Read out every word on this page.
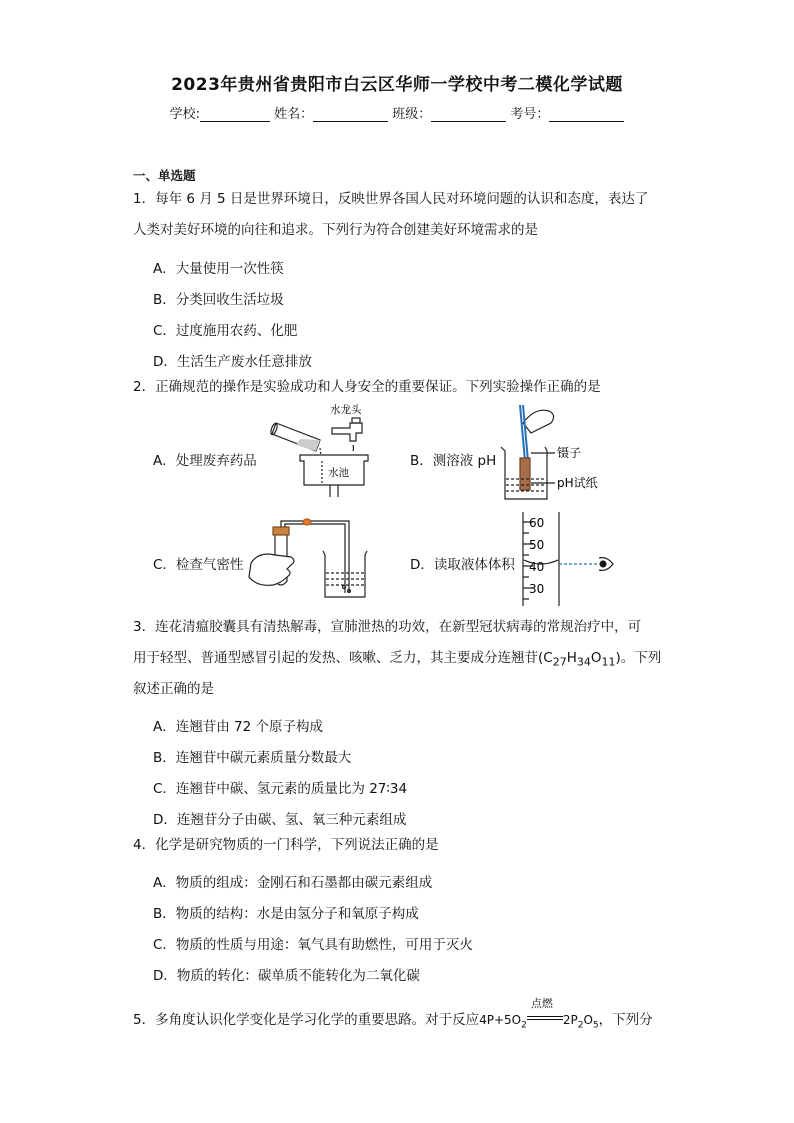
2023年贵州省贵阳市白云区华师一学校中考二模化学试题
学校:	姓名：	班级：	考号：
一、单选题
1．每年 6 月 5 日是世界环境日，反映世界各国人民对环境问题的认识和态度，表达了
人类对美好环境的向往和追求。下列行为符合创建美好环境需求的是
A．大量使用一次性筷
B．分类回收生活垃圾
C．过度施用农药、化肥
D．生活生产废水任意排放
2．正确规范的操作是实验成功和人身安全的重要保证。下列实验操作正确的是
A．处理废弃药品	B．测溶液 pH
C．检查气密性	D．读取液体体积
水龙头
水池
镊子
pH试纸
60
50
40
30
3．连花清瘟胶囊具有清热解毒，宣肺泄热的功效，在新型冠状病毒的常规治疗中，可
用于轻型、普通型感冒引起的发热、咳嗽、乏力，其主要成分连翘苷$(C_{27}H_{34}O_{11})$。下列
叙述正确的是
A．连翘苷由 72 个原子构成
B．连翘苷中碳元素质量分数最大
C．连翘苷中碳、氢元素的质量比为 27∶34
D．连翘苷分子由碳、氢、氧三种元素组成
4．化学是研究物质的一门科学，下列说法正确的是
A．物质的组成：金刚石和石墨都由碳元素组成
B．物质的结构：水是由氢分子和氧原子构成
C．物质的性质与用途：氧气具有助燃性，可用于灭火
D．物质的转化：碳单质不能转化为二氧化碳
5．多角度认识化学变化是学习化学的重要思路。对于反应$4P+5O_2$
点燃
$2P_2O_5$，下列分
